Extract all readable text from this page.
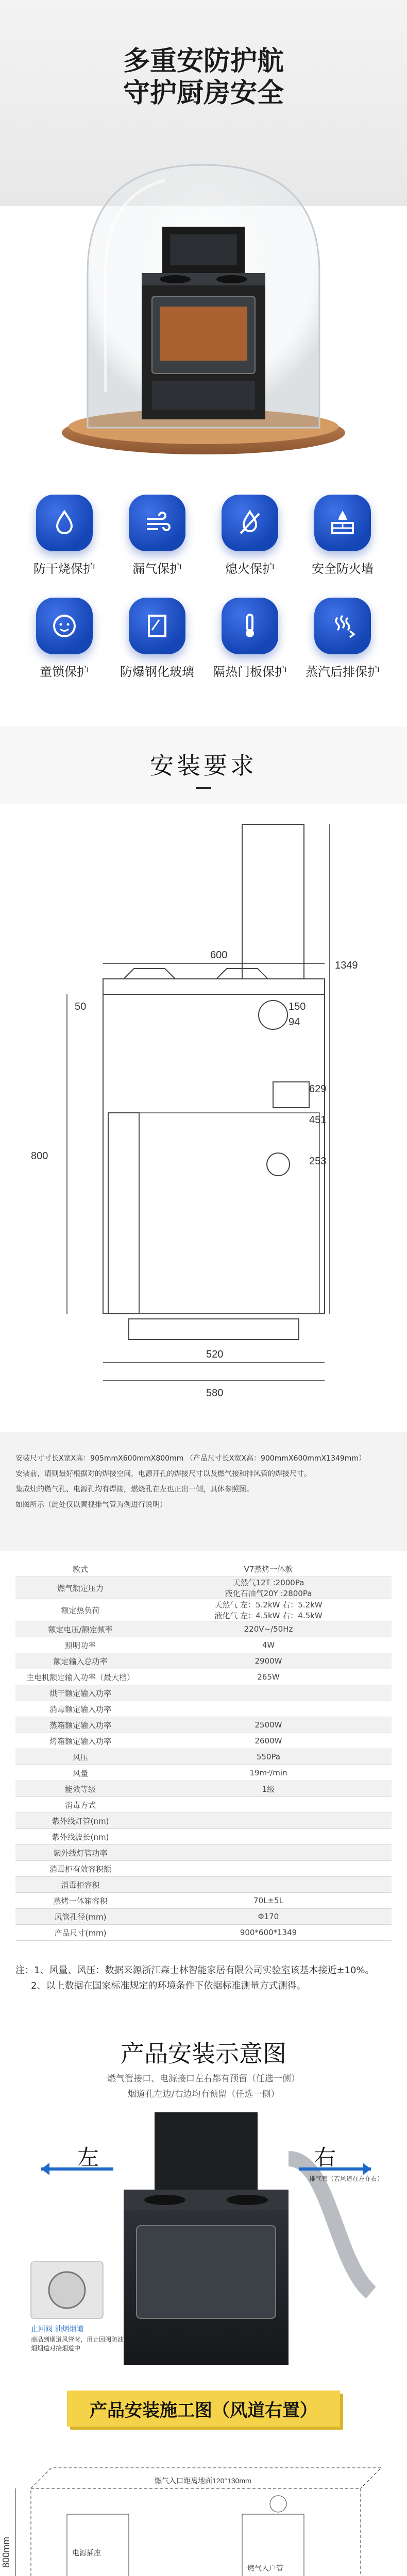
多重安防护航
守护厨房安全
防干烧保护	漏气保护	熄火保护	安全防火墙
童锁保护	防爆钢化玻璃	隔热门板保护	蒸汽后排保护
安装要求
600
800
1349
520
580
629
451
253
150
94
50

安装尺寸寸长X宽X高：905mmX600mmX800mm （产品尺寸长X宽X高：900mmX600mmX1349mm）

安装前，请则最好根据对的焊接空间，电源开孔的焊接尺寸以及燃气接和排风管的焊接尺寸。

集成灶的燃气孔、电源孔均有焊接，燃烧孔在左也正出一侧，具体参照图。

如图所示（此处仅以黄视排气管为例进行说明）

款式	V7蒸烤一体款
燃气额定压力	天然气12T :2000Pa
液化石油气20Y :2800Pa
额定热负荷	天然气 左：5.2kW 右：5.2kW
液化气 左：4.5kW 右：4.5kW
额定电压/额定频率	220V~/50Hz
照明功率	4W
额定输入总功率	2900W
主电机额定输入功率（最大档）	265W
烘干额定输入功率	
消毒额定输入功率	
蒸箱额定输入功率	2500W
烤箱额定输入功率	2600W
风压	550Pa
风量	19m³/min
能效等级	1级
消毒方式	
紫外线灯管(nm)	
紫外线波长(nm)	
紫外线灯管功率	
消毒柜有效容积额	
消毒柜容积	
蒸烤一体箱容积	70L±5L
风管孔径(mm)	Φ170
产品尺寸(mm)	900*600*1349
注：1、风量、风压：数据来源浙江森士林智能家居有限公司实验室该基本接近±10%。
2、以上数据在国家标准规定的环境条件下依据标准测量方式测得。
产品安装示意图
燃气管接口、电源接口左右都有预留（任选一侧）
烟道孔左边/右边均有预留（任选一侧）
左	右
止回阀 油烟烟道
商品到烟道风管时，用止回阀防油烟烟道对接烟道中
排气管（若风道在左在右）
产品安装施工图（风道右置）
800mm
燃气入口距离地面120°130mm
电源插座
燃气入户管
